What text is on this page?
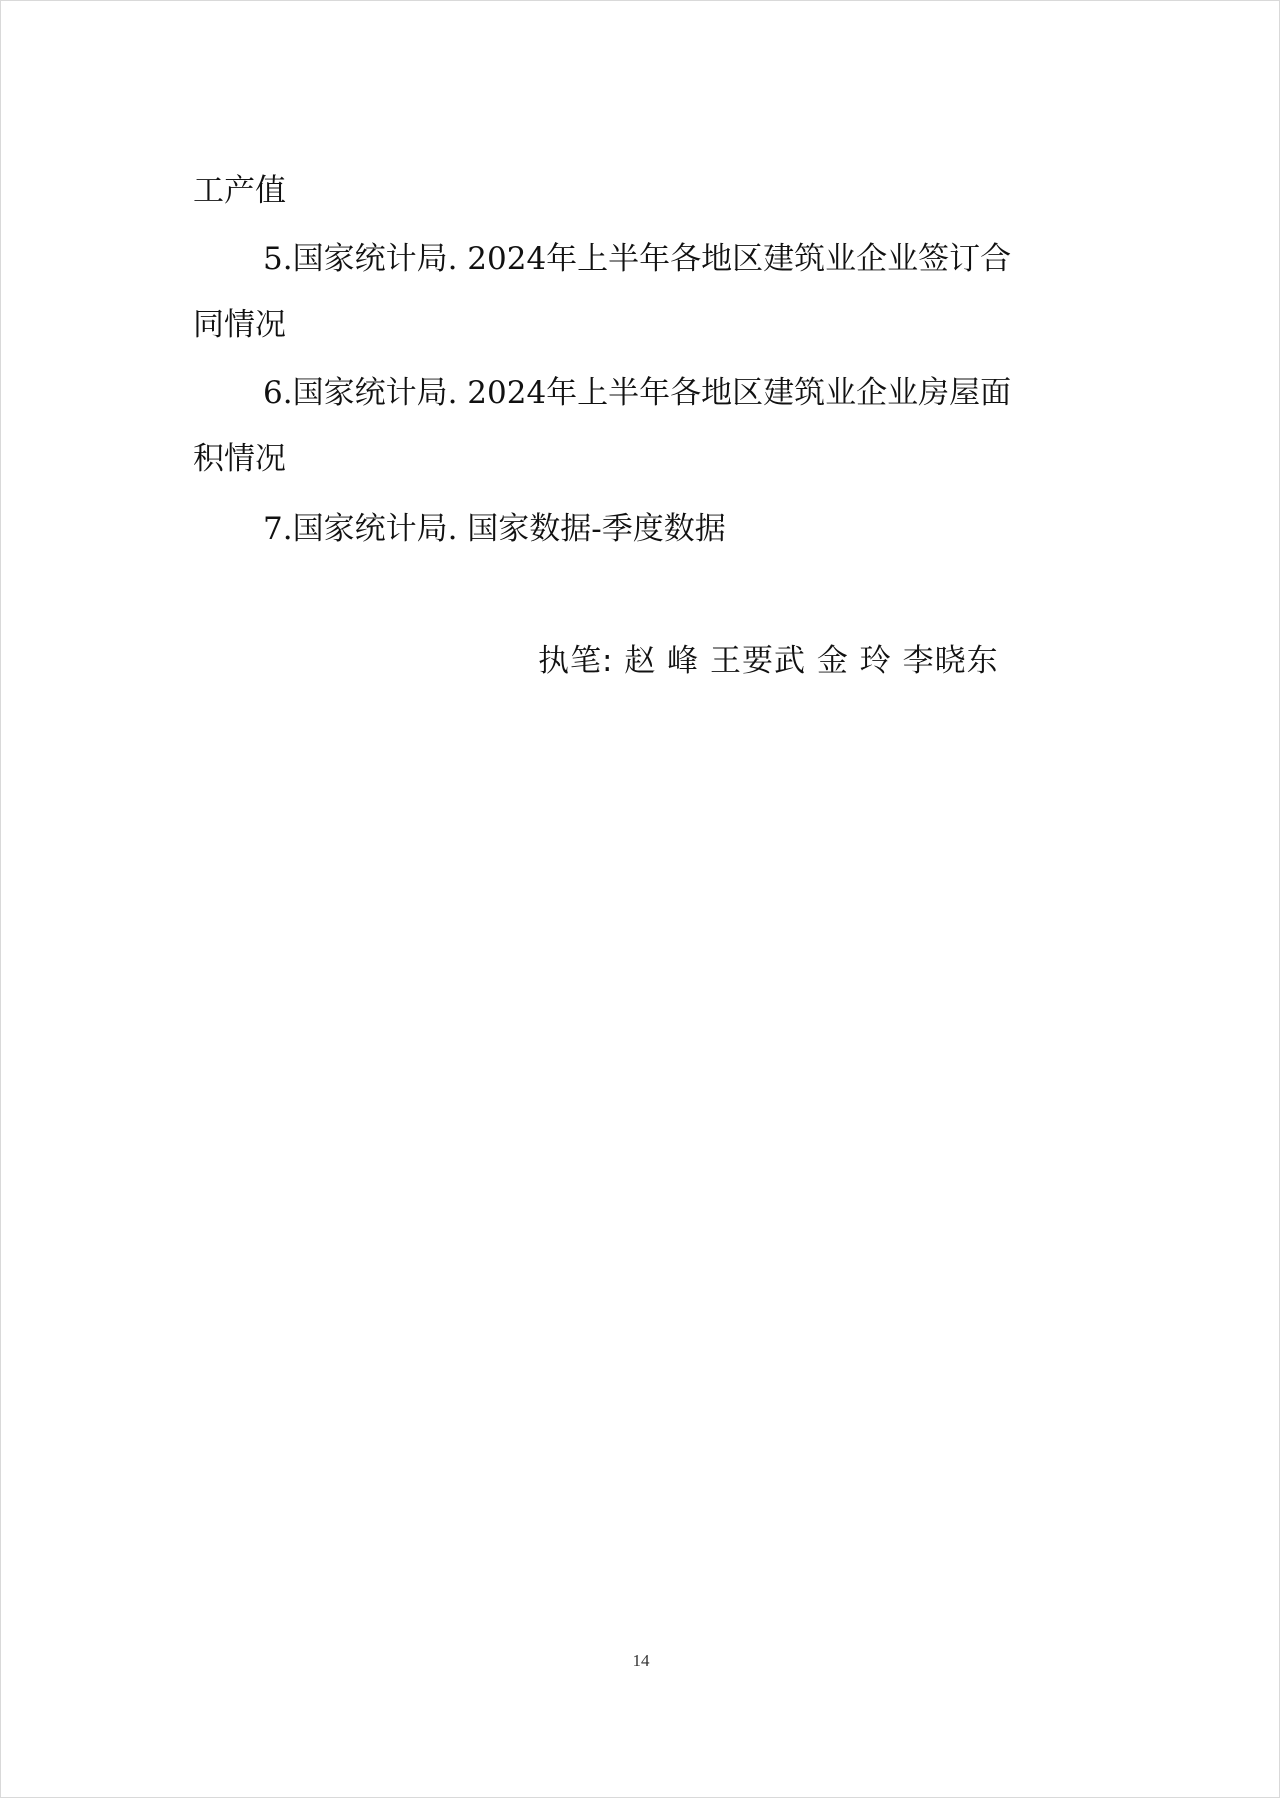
工产值
5.国家统计局. 2024年上半年各地区建筑业企业签订合
同情况
6.国家统计局. 2024年上半年各地区建筑业企业房屋面
积情况
7.国家统计局. 国家数据-季度数据
执笔: 赵 峰 王要武 金 玲 李晓东
14
